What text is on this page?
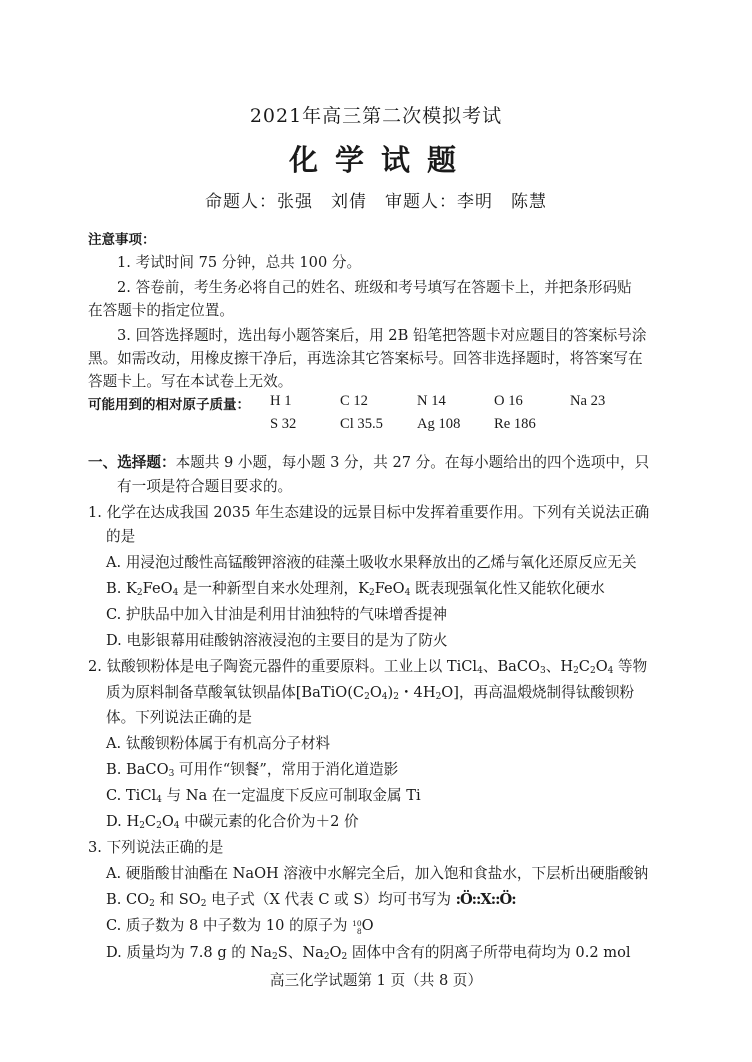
2021年高三第二次模拟考试
化学试题
命题人：张强　刘倩　审题人：李明　陈慧
注意事项：
1. 考试时间 75 分钟，总共 100 分。
2. 答卷前，考生务必将自己的姓名、班级和考号填写在答题卡上，并把条形码贴
在答题卡的指定位置。
3. 回答选择题时，选出每小题答案后，用 2B 铅笔把答题卡对应题目的答案标号涂
黑。如需改动，用橡皮擦干净后，再选涂其它答案标号。回答非选择题时，将答案写在
答题卡上。写在本试卷上无效。
可能用到的相对原子质量： H 1	C 12	N 14	O 16	Na 23
S 32	Cl 35.5 Ag 108 Re 186
一、选择题：本题共 9 小题，每小题 3 分，共 27 分。在每小题给出的四个选项中，只
有一项是符合题目要求的。
1. 化学在达成我国 2035 年生态建设的远景目标中发挥着重要作用。下列有关说法正确
的是
A. 用浸泡过酸性高锰酸钾溶液的硅藻土吸收水果释放出的乙烯与氧化还原反应无关
B. $K_2FeO_4$ 是一种新型自来水处理剂，$K_2FeO_4$ 既表现强氧化性又能软化硬水
C. 护肤品中加入甘油是利用甘油独特的气味增香提神
D. 电影银幕用硅酸钠溶液浸泡的主要目的是为了防火
2. 钛酸钡粉体是电子陶瓷元器件的重要原料。工业上以 TiCl$_4$、BaCO$_3$、$H_2C_2O_4$ 等物
质为原料制备草酸氧钛钡晶体[$BaTiO(C_2O_4)_2$・$4H_2O$]，再高温煅烧制得钛酸钡粉
体。下列说法正确的是
A. 钛酸钡粉体属于有机高分子材料
B. BaCO$_3$ 可用作“钡餐”，常用于消化道造影
C. TiCl$_4$ 与 Na 在一定温度下反应可制取金属 Ti
D. $H_2C_2O_4$ 中碳元素的化合价为＋2 价
3. 下列说法正确的是
A. 硬脂酸甘油酯在 NaOH 溶液中水解完全后，加入饱和食盐水，下层析出硬脂酸钠
B. $CO_2$ 和 $SO_2$ 电子式（X 代表 C 或 S）均可书写为 :Ö::X::Ö:
C. 质子数为 8 中子数为 10 的原子为 10
8 O
D. 质量均为 7.8 g 的 $Na_2S$、$Na_2O_2$ 固体中含有的阴离子所带电荷均为 0.2 mol
高三化学试题第 1 页（共 8 页）
